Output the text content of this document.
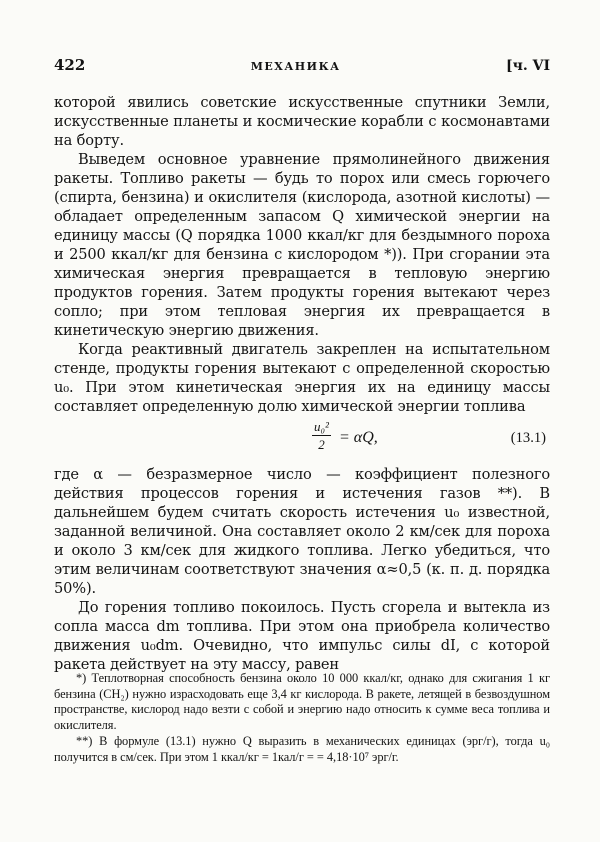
422	МЕХАНИКА	[ч. VI

которой явились советские искусственные спутники Земли, искусственные планеты и космические корабли с космонавтами на борту.

Выведем основное уравнение прямолинейного движения ракеты. Топливо ракеты — будь то порох или смесь горючего (спирта, бензина) и окислителя (кислорода, азотной кислоты) — обладает определенным запасом Q химической энергии на единицу массы (Q порядка 1000 ккал/кг для бездымного пороха и 2500 ккал/кг для бензина с кислородом *)). При сгорании эта химическая энергия превращается в тепловую энергию продуктов горения. Затем продукты горения вытекают через сопло; при этом тепловая энергия их превращается в кинетическую энергию движения.

Когда реактивный двигатель закреплен на испытательном стенде, продукты горения вытекают с определенной скоростью u₀. При этом кинетическая энергия их на единицу массы составляет определенную долю химической энергии топлива

$\frac{\text{u₀²}}{2} = \alpha Q$,	(13.1)

где α — безразмерное число — коэффициент полезного действия процессов горения и истечения газов **). В дальнейшем будем считать скорость истечения u₀ известной, заданной величиной. Она составляет около 2 км/сек для пороха и около 3 км/сек для жидкого топлива. Легко убедиться, что этим величинам соответствуют значения α≈0,5 (к. п. д. порядка 50%).

До горения топливо покоилось. Пусть сгорела и вытекла из сопла масса dm топлива. При этом она приобрела количество движения u₀dm. Очевидно, что импульс силы dI, с которой ракета действует на эту массу, равен

*) Теплотворная способность бензина около 10 000 ккал/кг, однако для сжигания 1 кг бензина (CH₂) нужно израсходовать еще 3,4 кг кислорода. В ракете, летящей в безвоздушном пространстве, кислород надо везти с собой и энергию надо относить к сумме веса топлива и окислителя.

**) В формуле (13.1) нужно Q выразить в механических единицах (эрг/г), тогда u₀ получится в см/сек. При этом 1 ккал/кг = 1кал/г = = 4,18·10⁷ эрг/г.
